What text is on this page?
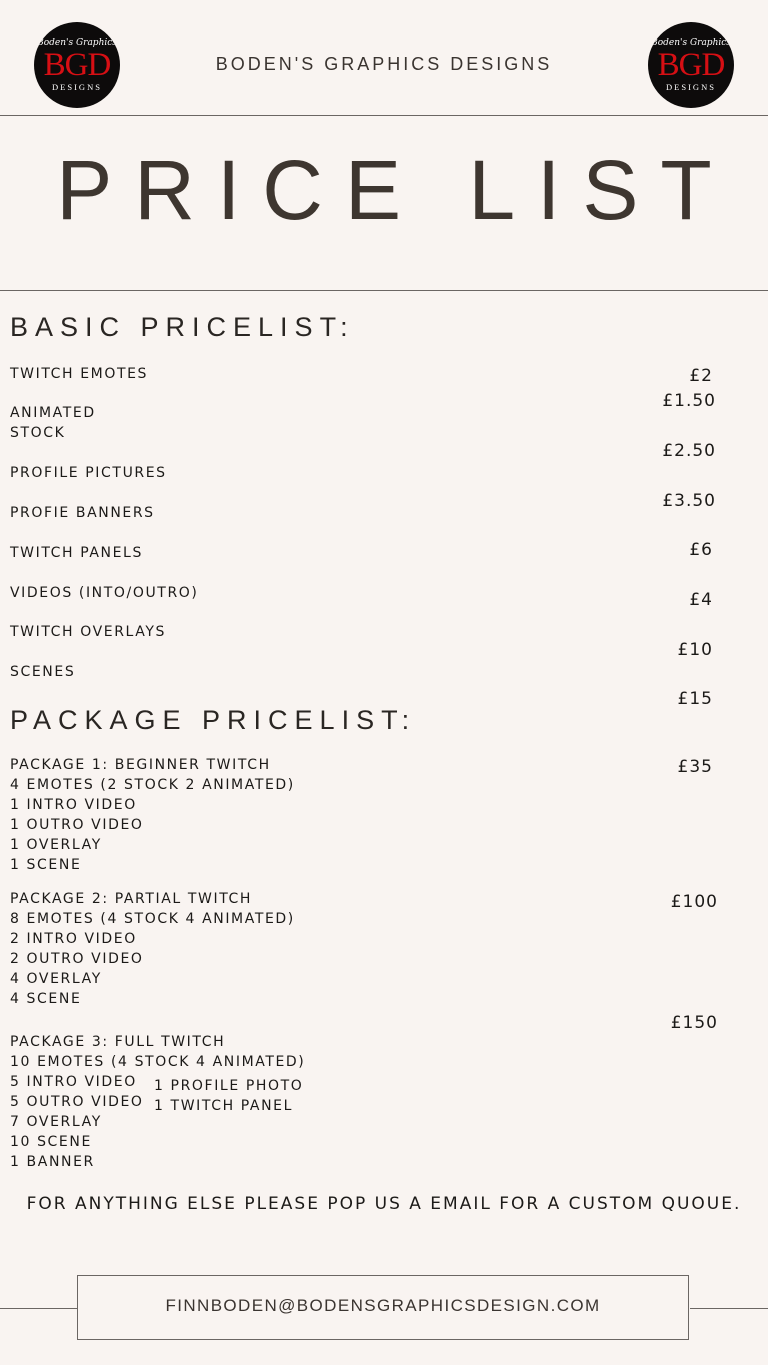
Boden's Graphics
BGD
DESIGNS
BODEN'S GRAPHICS DESIGNS
Boden's Graphics
BGD
DESIGNS
PRICE LIST
BASIC PRICELIST:
TWITCH EMOTES
ANIMATED
STOCK
PROFILE PICTURES
PROFIE BANNERS
TWITCH PANELS
VIDEOS (INTO/OUTRO)
TWITCH OVERLAYS
SCENES
£2
£1.50
£2.50
£3.50
£6
£4
£10
£15
PACKAGE PRICELIST:
PACKAGE 1: BEGINNER TWITCH
4 EMOTES (2 STOCK 2 ANIMATED)
1 INTRO VIDEO
1 OUTRO VIDEO
1 OVERLAY
1 SCENE
£35
PACKAGE 2: PARTIAL TWITCH
8 EMOTES (4 STOCK 4 ANIMATED)
2 INTRO VIDEO
2 OUTRO VIDEO
4 OVERLAY
4 SCENE
£100
£150
PACKAGE 3: FULL TWITCH
10 EMOTES (4 STOCK 4 ANIMATED)
5 INTRO VIDEO
5 OUTRO VIDEO
7 OVERLAY
10 SCENE
1 BANNER
1 PROFILE PHOTO
1 TWITCH PANEL
FOR ANYTHING ELSE PLEASE POP US A EMAIL FOR A CUSTOM QUOUE.
FINNBODEN@BODENSGRAPHICSDESIGN.COM
